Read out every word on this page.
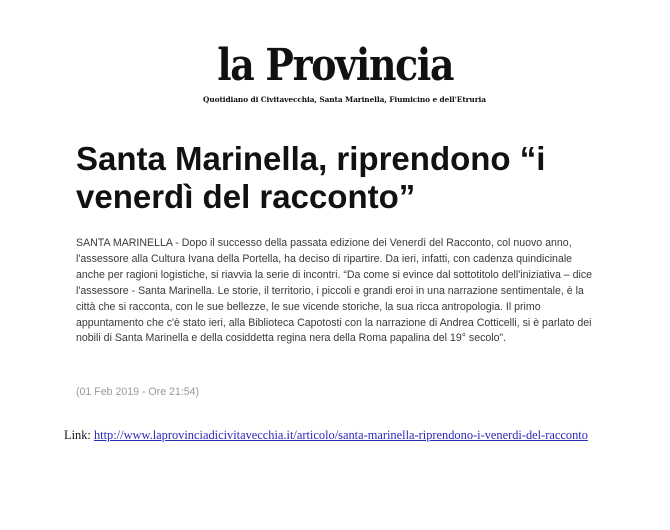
la Provincia
Quotidiano di Civitavecchia, Santa Marinella, Fiumicino e dell'Etruria
Santa Marinella, riprendono “i venerdì del racconto”

SANTA MARINELLA - Dopo il successo della passata edizione dei Venerdì del Racconto, col nuovo anno, l'assessore alla Cultura Ivana della Portella, ha deciso di ripartire. Da ieri, infatti, con cadenza quindicinale anche per ragioni logistiche, si riavvia la serie di incontri. “Da come si evince dal sottotitolo dell'iniziativa – dice l'assessore - Santa Marinella. Le storie, il territorio, i piccoli e grandi eroi in una narrazione sentimentale, è la città che si racconta, con le sue bellezze, le sue vicende storiche, la sua ricca antropologia. Il primo appuntamento che c'è stato ieri, alla Biblioteca Capotosti con la narrazione di Andrea Cotticelli, si è parlato dei nobili di Santa Marinella e della cosiddetta regina nera della Roma papalina del 19° secolo”.

(01 Feb 2019 - Ore 21:54)
Link: http://www.laprovinciadicivitavecchia.it/articolo/santa-marinella-riprendono-i-venerdi-del-racconto
